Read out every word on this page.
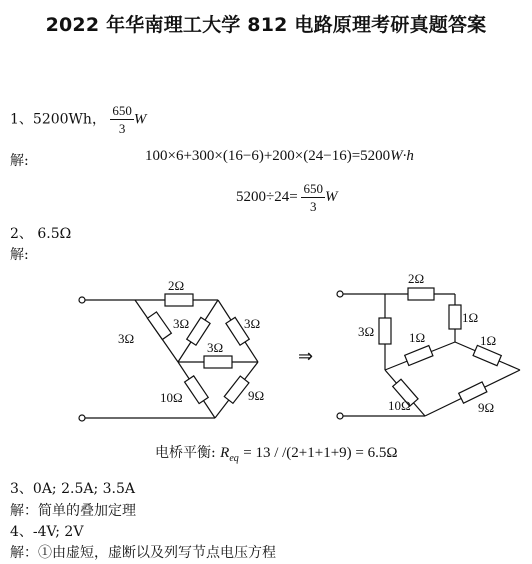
2022 年华南理工大学 812 电路原理考研真题答案
1、5200Wh， $\frac{650}{3}$ W
解:	100×6+300×(16−6)+200×(24−16)=5200W·h
$5200\div 24= \frac{650}{3}$ W
2、 6.5Ω
解:
2Ω
3Ω
3Ω	3Ω
3Ω
10Ω	9Ω
⇒
2Ω
3Ω
1Ω
1Ω	1Ω
10Ω	9Ω
电桥平衡: $R_{eq} = 13 / /(2+1+1+9) = 6.5\Omega$
3、0A; 2.5A; 3.5A
解：简单的叠加定理
4、-4V; 2V
解：①由虚短，虚断以及列写节点电压方程
